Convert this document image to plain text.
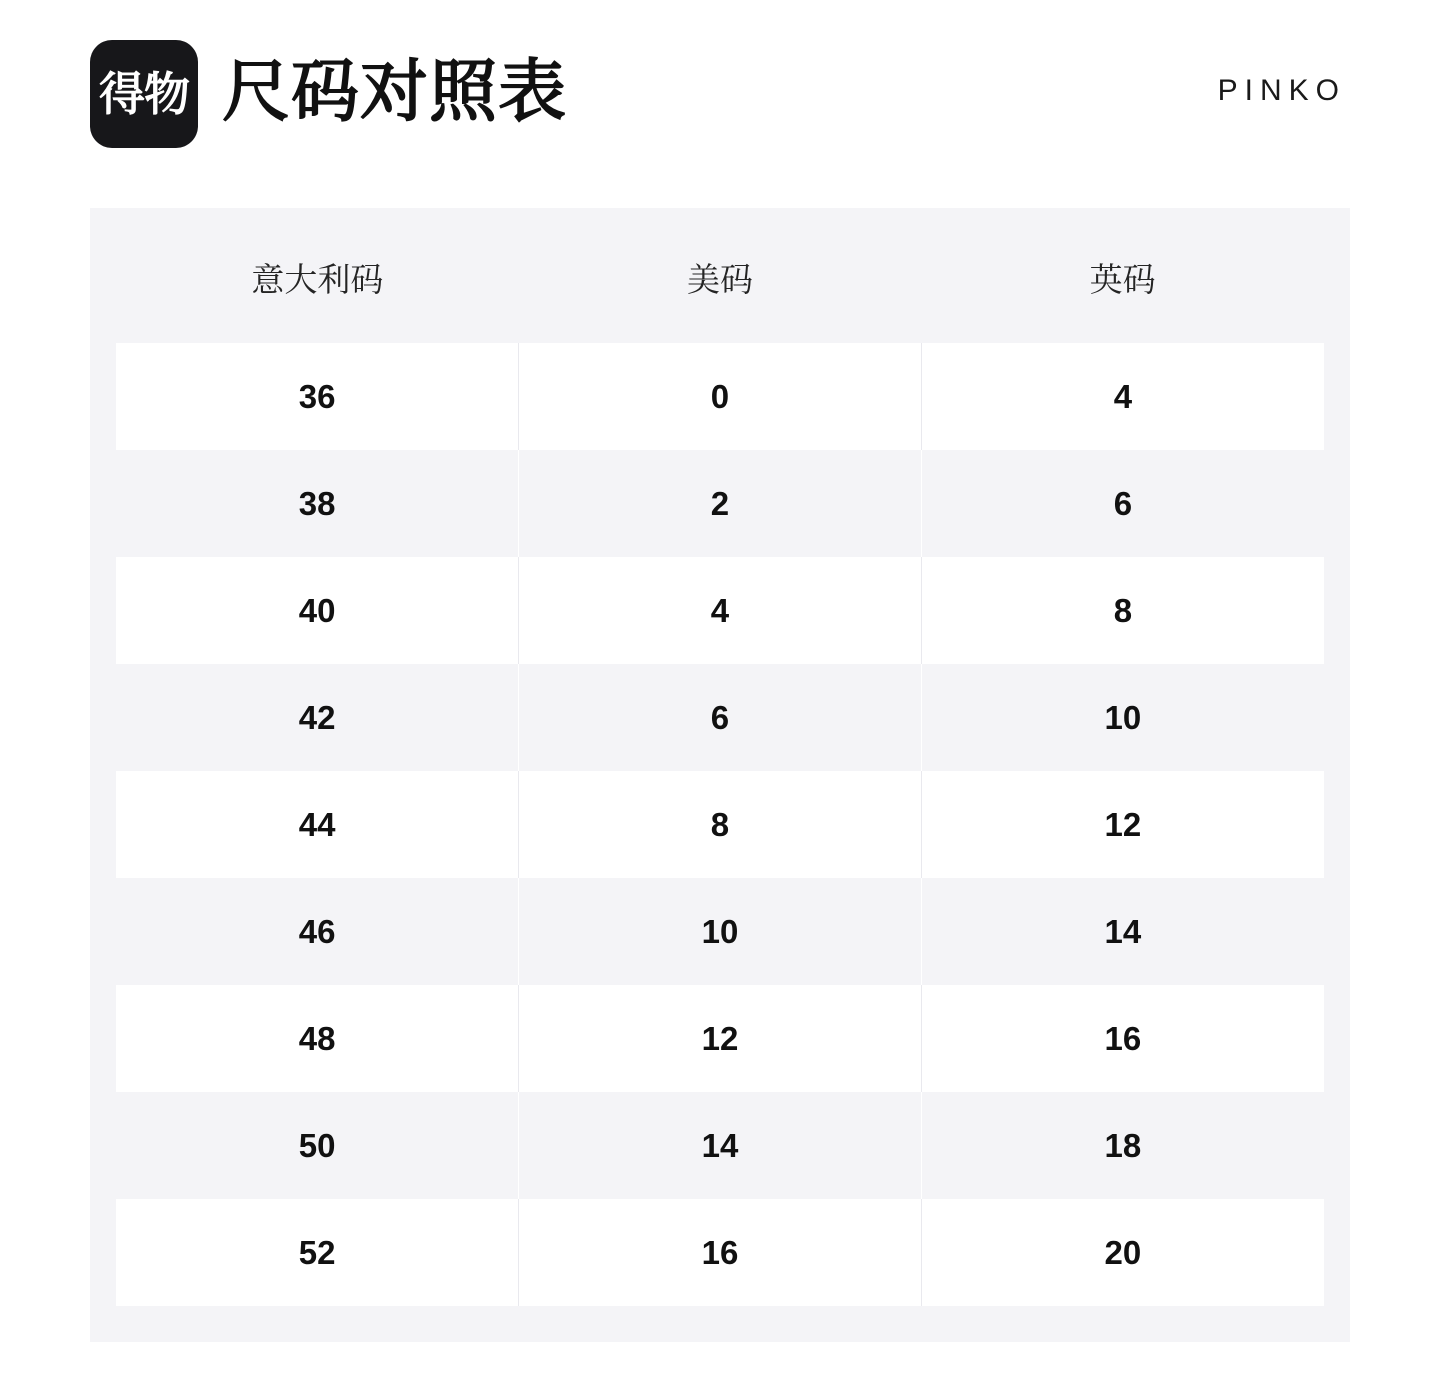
得物 尺码对照表	PINKO
意大利码	美码	英码
36	0	4
38	2	6
40	4	8
42	6	10
44	8	12
46	10	14
48	12	16
50	14	18
52	16	20
